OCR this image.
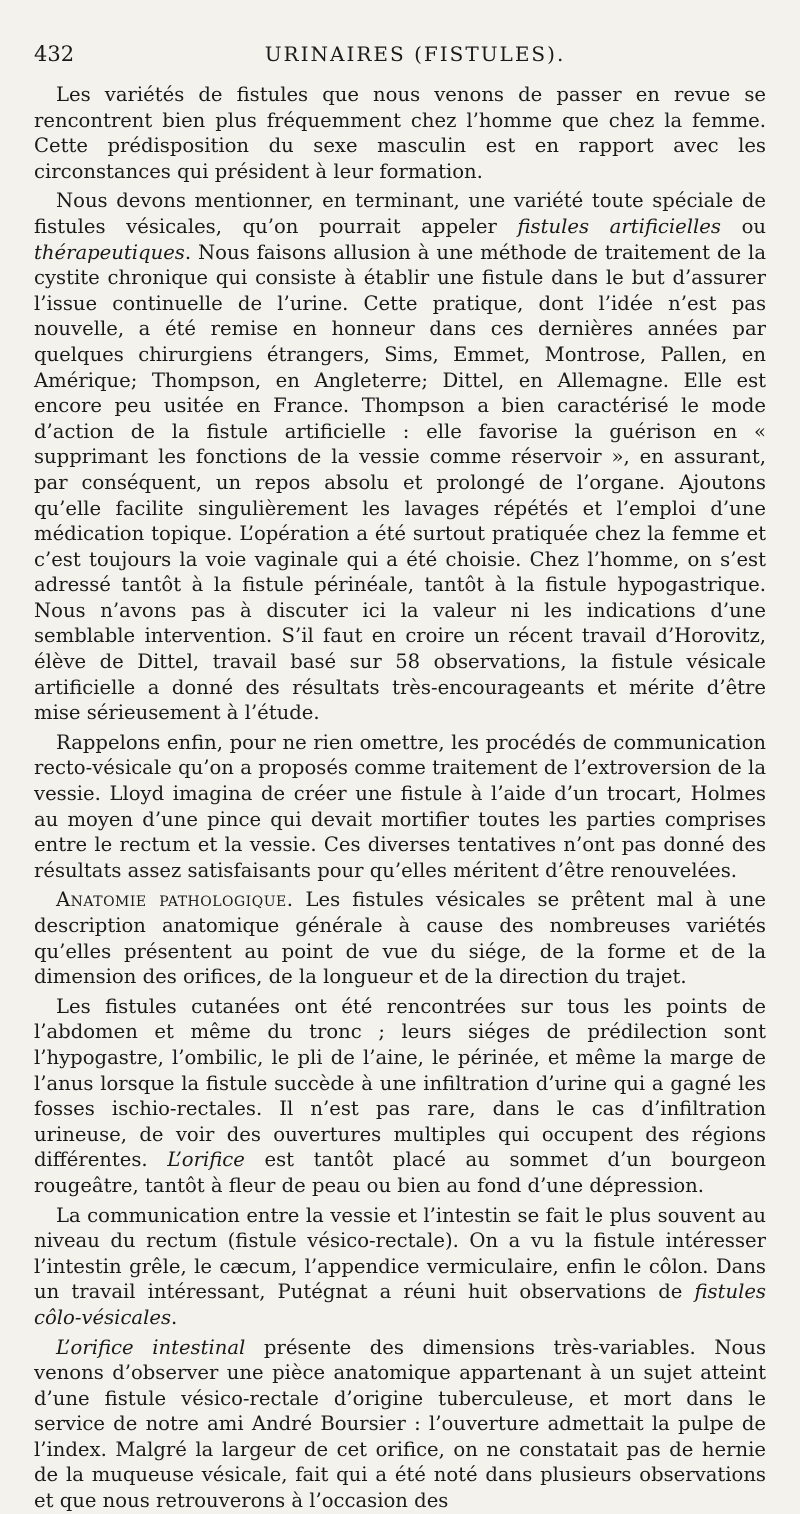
432	URINAIRES (FISTULES).

Les variétés de fistules que nous venons de passer en revue se rencontrent bien plus fréquemment chez l’homme que chez la femme. Cette prédisposition du sexe masculin est en rapport avec les circonstances qui président à leur formation.

Nous devons mentionner, en terminant, une variété toute spéciale de fistules vésicales, qu’on pourrait appeler fistules artificielles ou thérapeutiques. Nous faisons allusion à une méthode de traitement de la cystite chronique qui consiste à établir une fistule dans le but d’assurer l’issue continuelle de l’urine. Cette pratique, dont l’idée n’est pas nouvelle, a été remise en honneur dans ces dernières années par quelques chirurgiens étrangers, Sims, Emmet, Montrose, Pallen, en Amérique; Thompson, en Angleterre; Dittel, en Allemagne. Elle est encore peu usitée en France. Thompson a bien caractérisé le mode d’action de la fistule artificielle : elle favorise la guérison en « supprimant les fonctions de la vessie comme réservoir », en assurant, par conséquent, un repos absolu et prolongé de l’organe. Ajoutons qu’elle facilite singulièrement les lavages répétés et l’emploi d’une médication topique. L’opération a été surtout pratiquée chez la femme et c’est toujours la voie vaginale qui a été choisie. Chez l’homme, on s’est adressé tantôt à la fistule périnéale, tantôt à la fistule hypogastrique. Nous n’avons pas à discuter ici la valeur ni les indications d’une semblable intervention. S’il faut en croire un récent travail d’Horovitz, élève de Dittel, travail basé sur 58 observations, la fistule vésicale artificielle a donné des résultats très-encourageants et mérite d’être mise sérieusement à l’étude.

Rappelons enfin, pour ne rien omettre, les procédés de communication recto-vésicale qu’on a proposés comme traitement de l’extroversion de la vessie. Lloyd imagina de créer une fistule à l’aide d’un trocart, Holmes au moyen d’une pince qui devait mortifier toutes les parties comprises entre le rectum et la vessie. Ces diverses tentatives n’ont pas donné des résultats assez satisfaisants pour qu’elles méritent d’être renouvelées.

Anatomie pathologique. Les fistules vésicales se prêtent mal à une description anatomique générale à cause des nombreuses variétés qu’elles présentent au point de vue du siége, de la forme et de la dimension des orifices, de la longueur et de la direction du trajet.

Les fistules cutanées ont été rencontrées sur tous les points de l’abdomen et même du tronc ; leurs siéges de prédilection sont l’hypogastre, l’ombilic, le pli de l’aine, le périnée, et même la marge de l’anus lorsque la fistule succède à une infiltration d’urine qui a gagné les fosses ischio-rectales. Il n’est pas rare, dans le cas d’infiltration urineuse, de voir des ouvertures multiples qui occupent des régions différentes. L’orifice est tantôt placé au sommet d’un bourgeon rougeâtre, tantôt à fleur de peau ou bien au fond d’une dépression.

La communication entre la vessie et l’intestin se fait le plus souvent au niveau du rectum (fistule vésico-rectale). On a vu la fistule intéresser l’intestin grêle, le cæcum, l’appendice vermiculaire, enfin le côlon. Dans un travail intéressant, Putégnat a réuni huit observations de fistules côlo-vésicales.

L’orifice intestinal présente des dimensions très-variables. Nous venons d’observer une pièce anatomique appartenant à un sujet atteint d’une fistule vésico-rectale d’origine tuberculeuse, et mort dans le service de notre ami André Boursier : l’ouverture admettait la pulpe de l’index. Malgré la largeur de cet orifice, on ne constatait pas de hernie de la muqueuse vésicale, fait qui a été noté dans plusieurs observations et que nous retrouverons à l’occasion des
